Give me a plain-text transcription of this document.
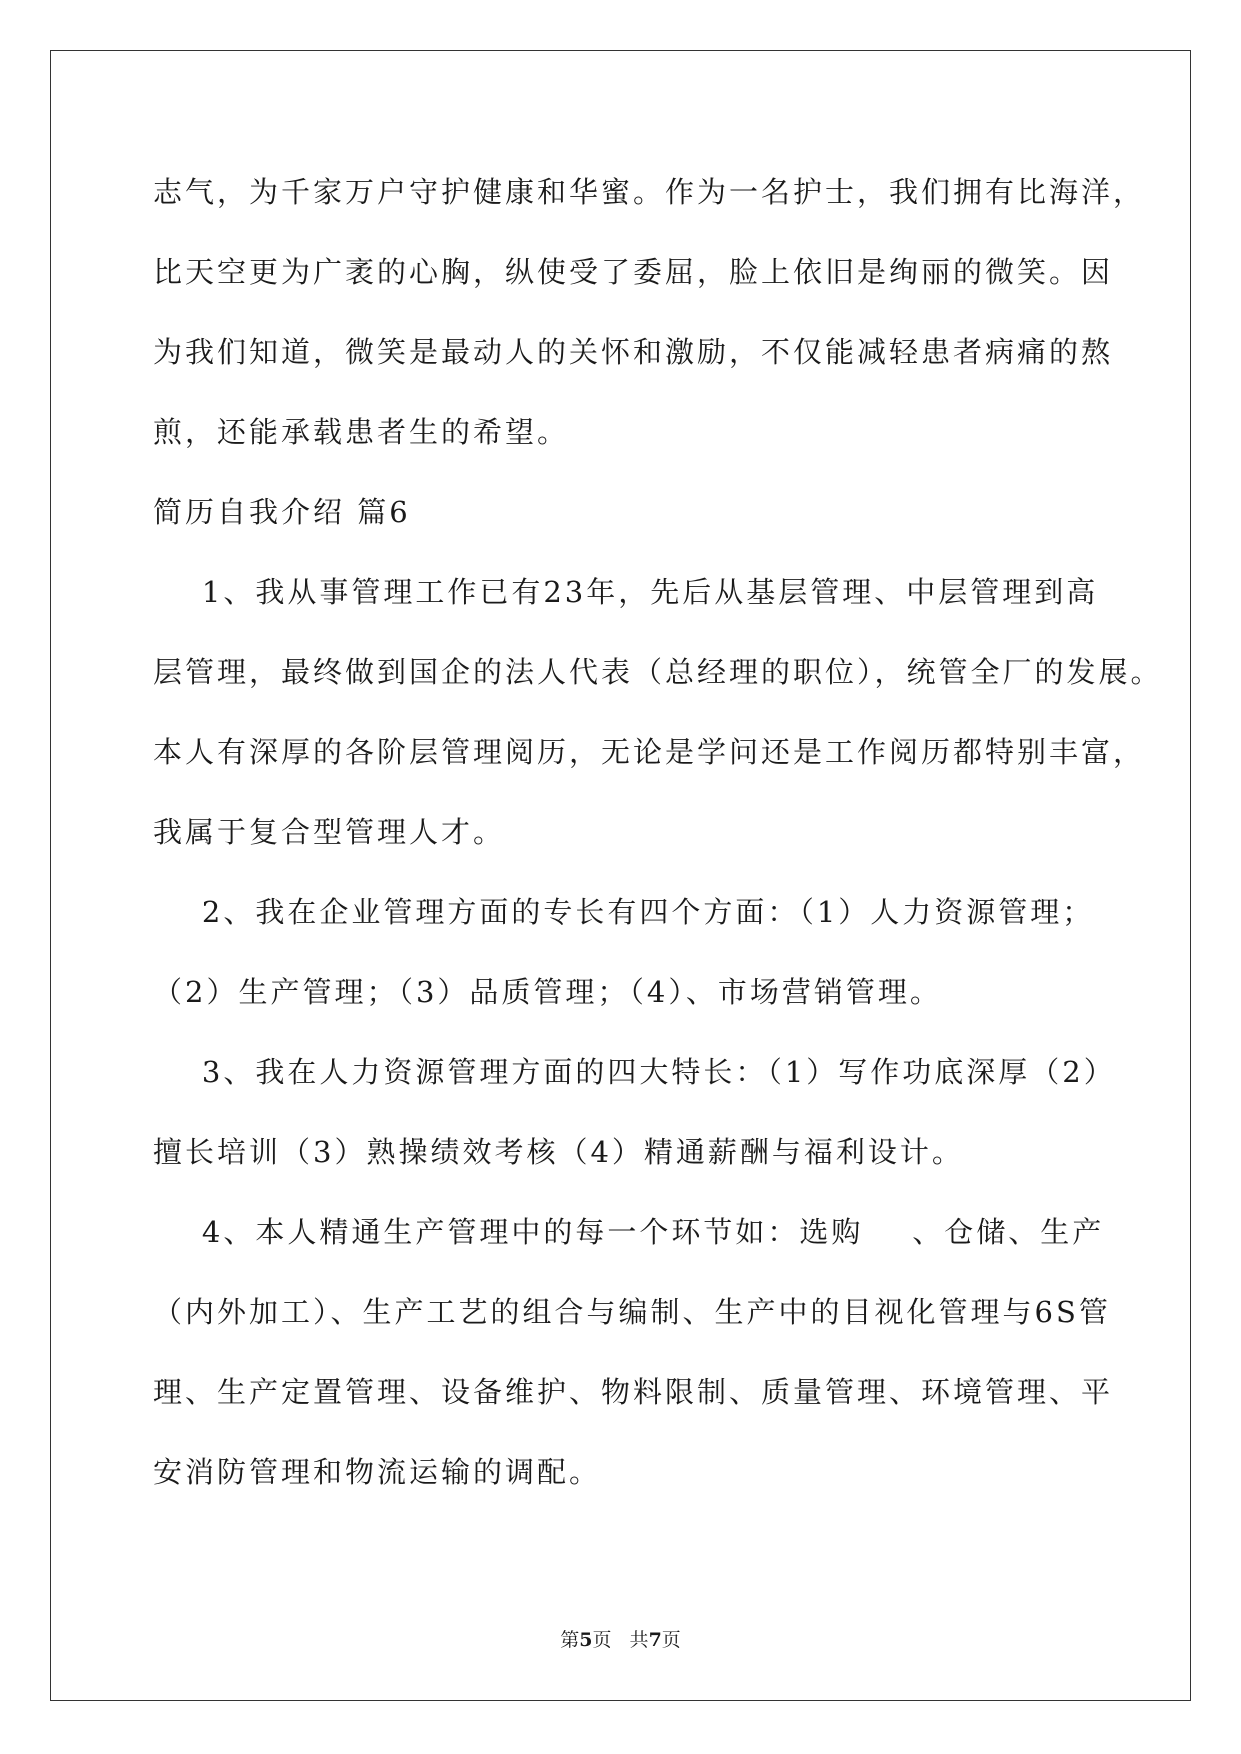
志气，为千家万户守护健康和华蜜。作为一名护士，我们拥有比海洋，
比天空更为广袤的心胸，纵使受了委屈，脸上依旧是绚丽的微笑。因
为我们知道，微笑是最动人的关怀和激励，不仅能减轻患者病痛的熬
煎，还能承载患者生的希望。
简历自我介绍 篇6
1、我从事管理工作已有23年，先后从基层管理、中层管理到高
层管理，最终做到国企的法人代表（总经理的职位），统管全厂的发展。
本人有深厚的各阶层管理阅历，无论是学问还是工作阅历都特别丰富，
我属于复合型管理人才。
2、我在企业管理方面的专长有四个方面：（1）人力资源管理；
（2）生产管理；（3）品质管理；（4）、市场营销管理。
3、我在人力资源管理方面的四大特长：（1）写作功底深厚（2）
擅长培训（3）熟操绩效考核（4）精通薪酬与福利设计。
4、本人精通生产管理中的每一个环节如：选购    、仓储、生产
（内外加工）、生产工艺的组合与编制、生产中的目视化管理与6S管
理、生产定置管理、设备维护、物料限制、质量管理、环境管理、平
安消防管理和物流运输的调配。
第5页   共7页
